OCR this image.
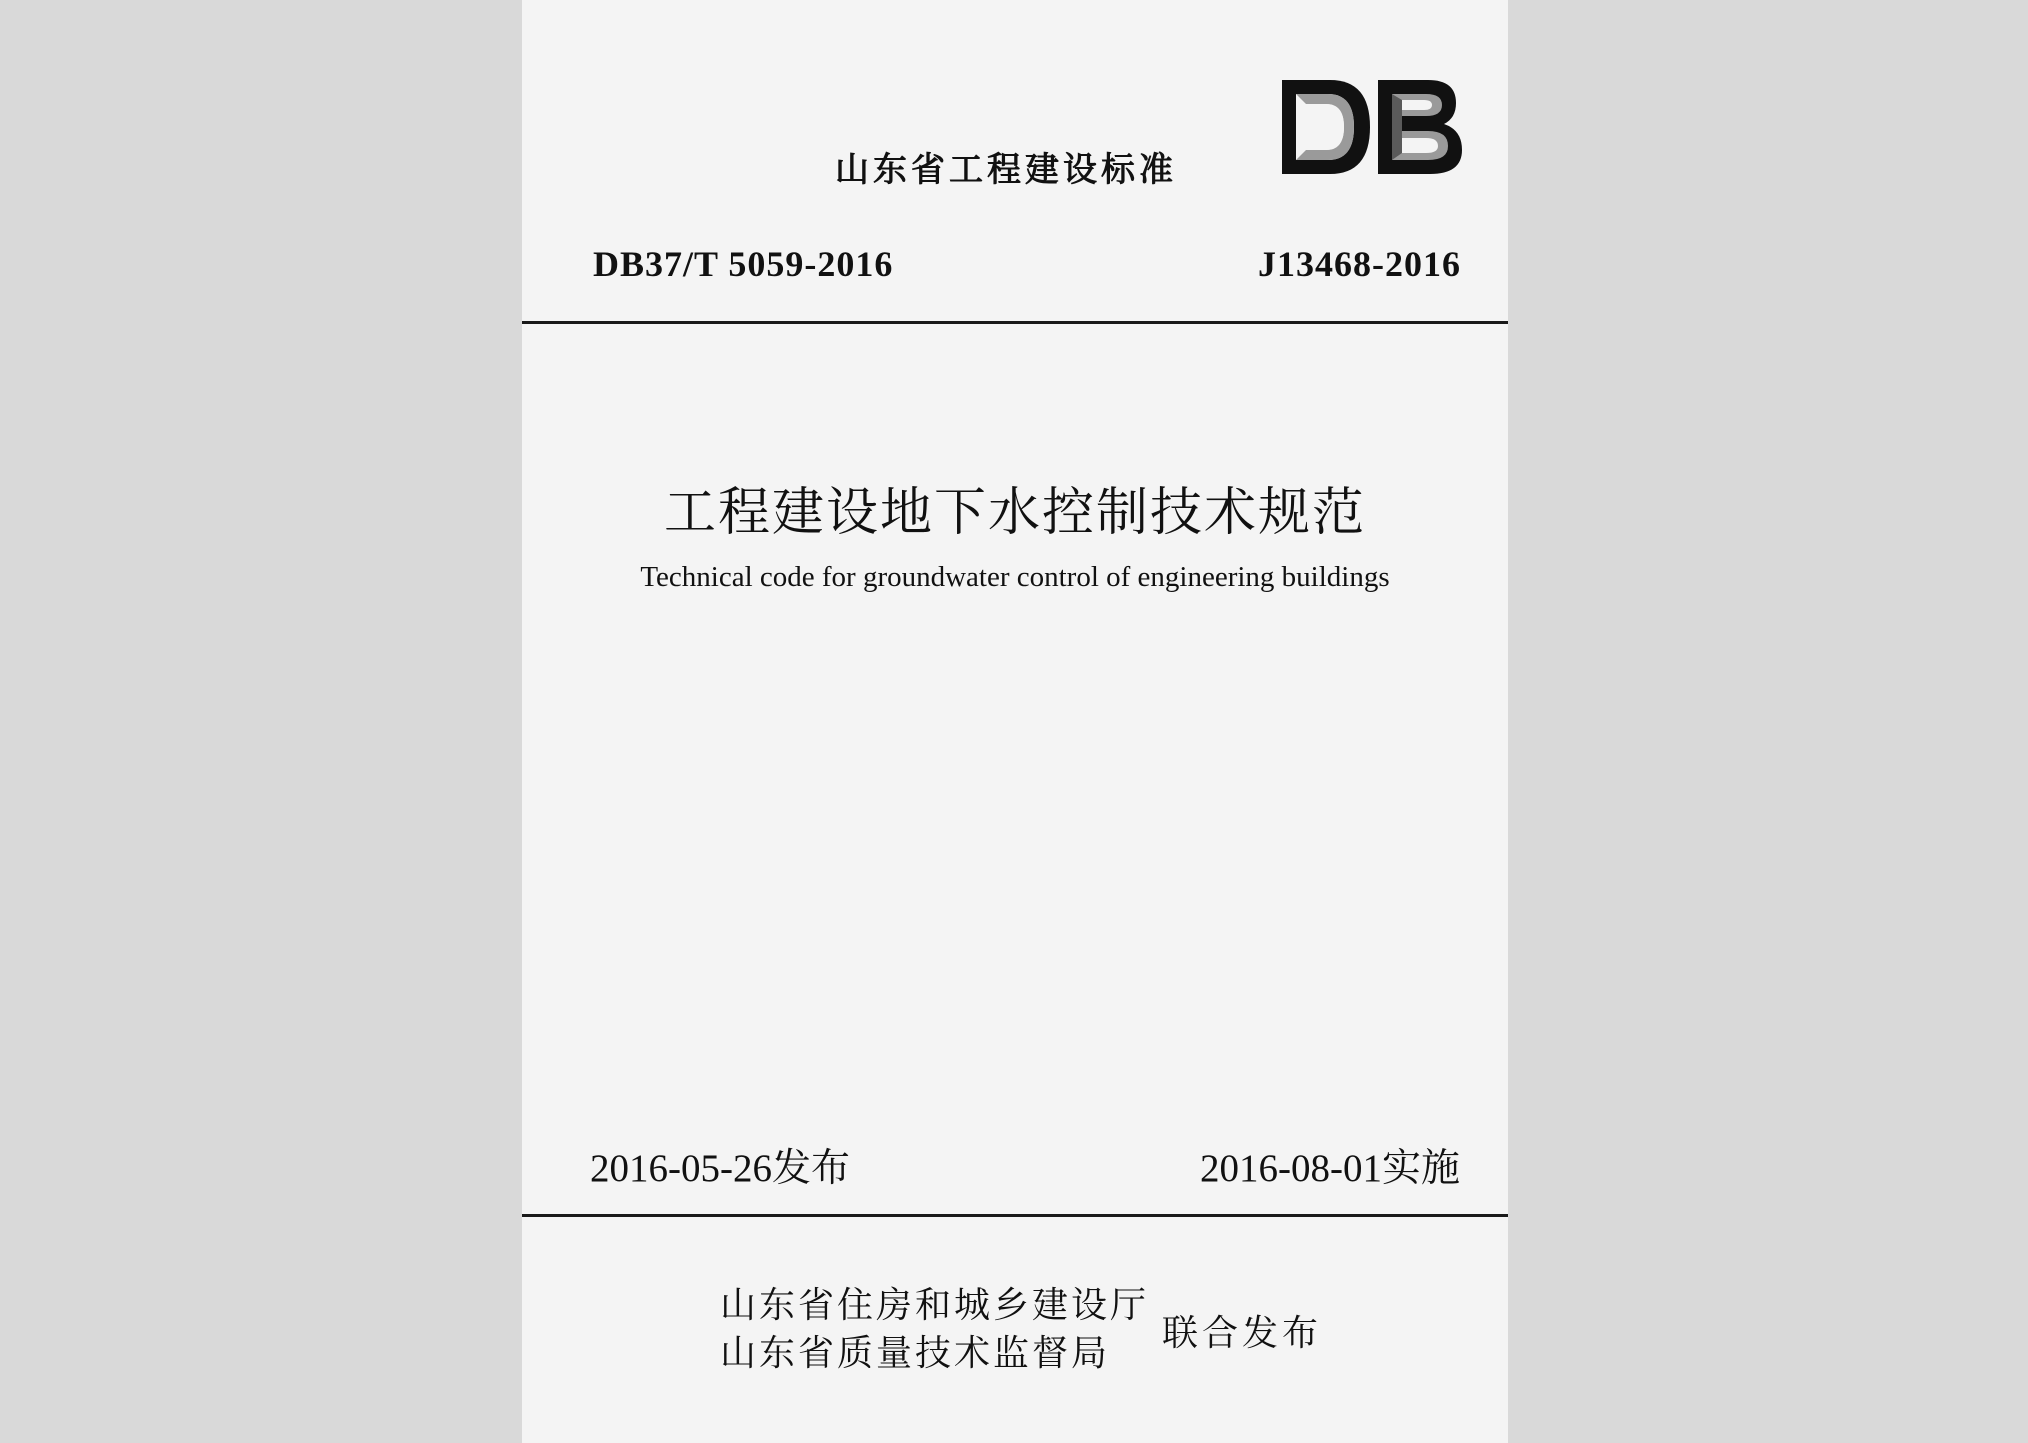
山东省工程建设标准
DB37/T 5059-2016	J13468-2016
工程建设地下水控制技术规范
Technical code for groundwater control of engineering buildings
2016-05-26发布	2016-08-01实施
山东省住房和城乡建设厅
山东省质量技术监督局	联合发布
